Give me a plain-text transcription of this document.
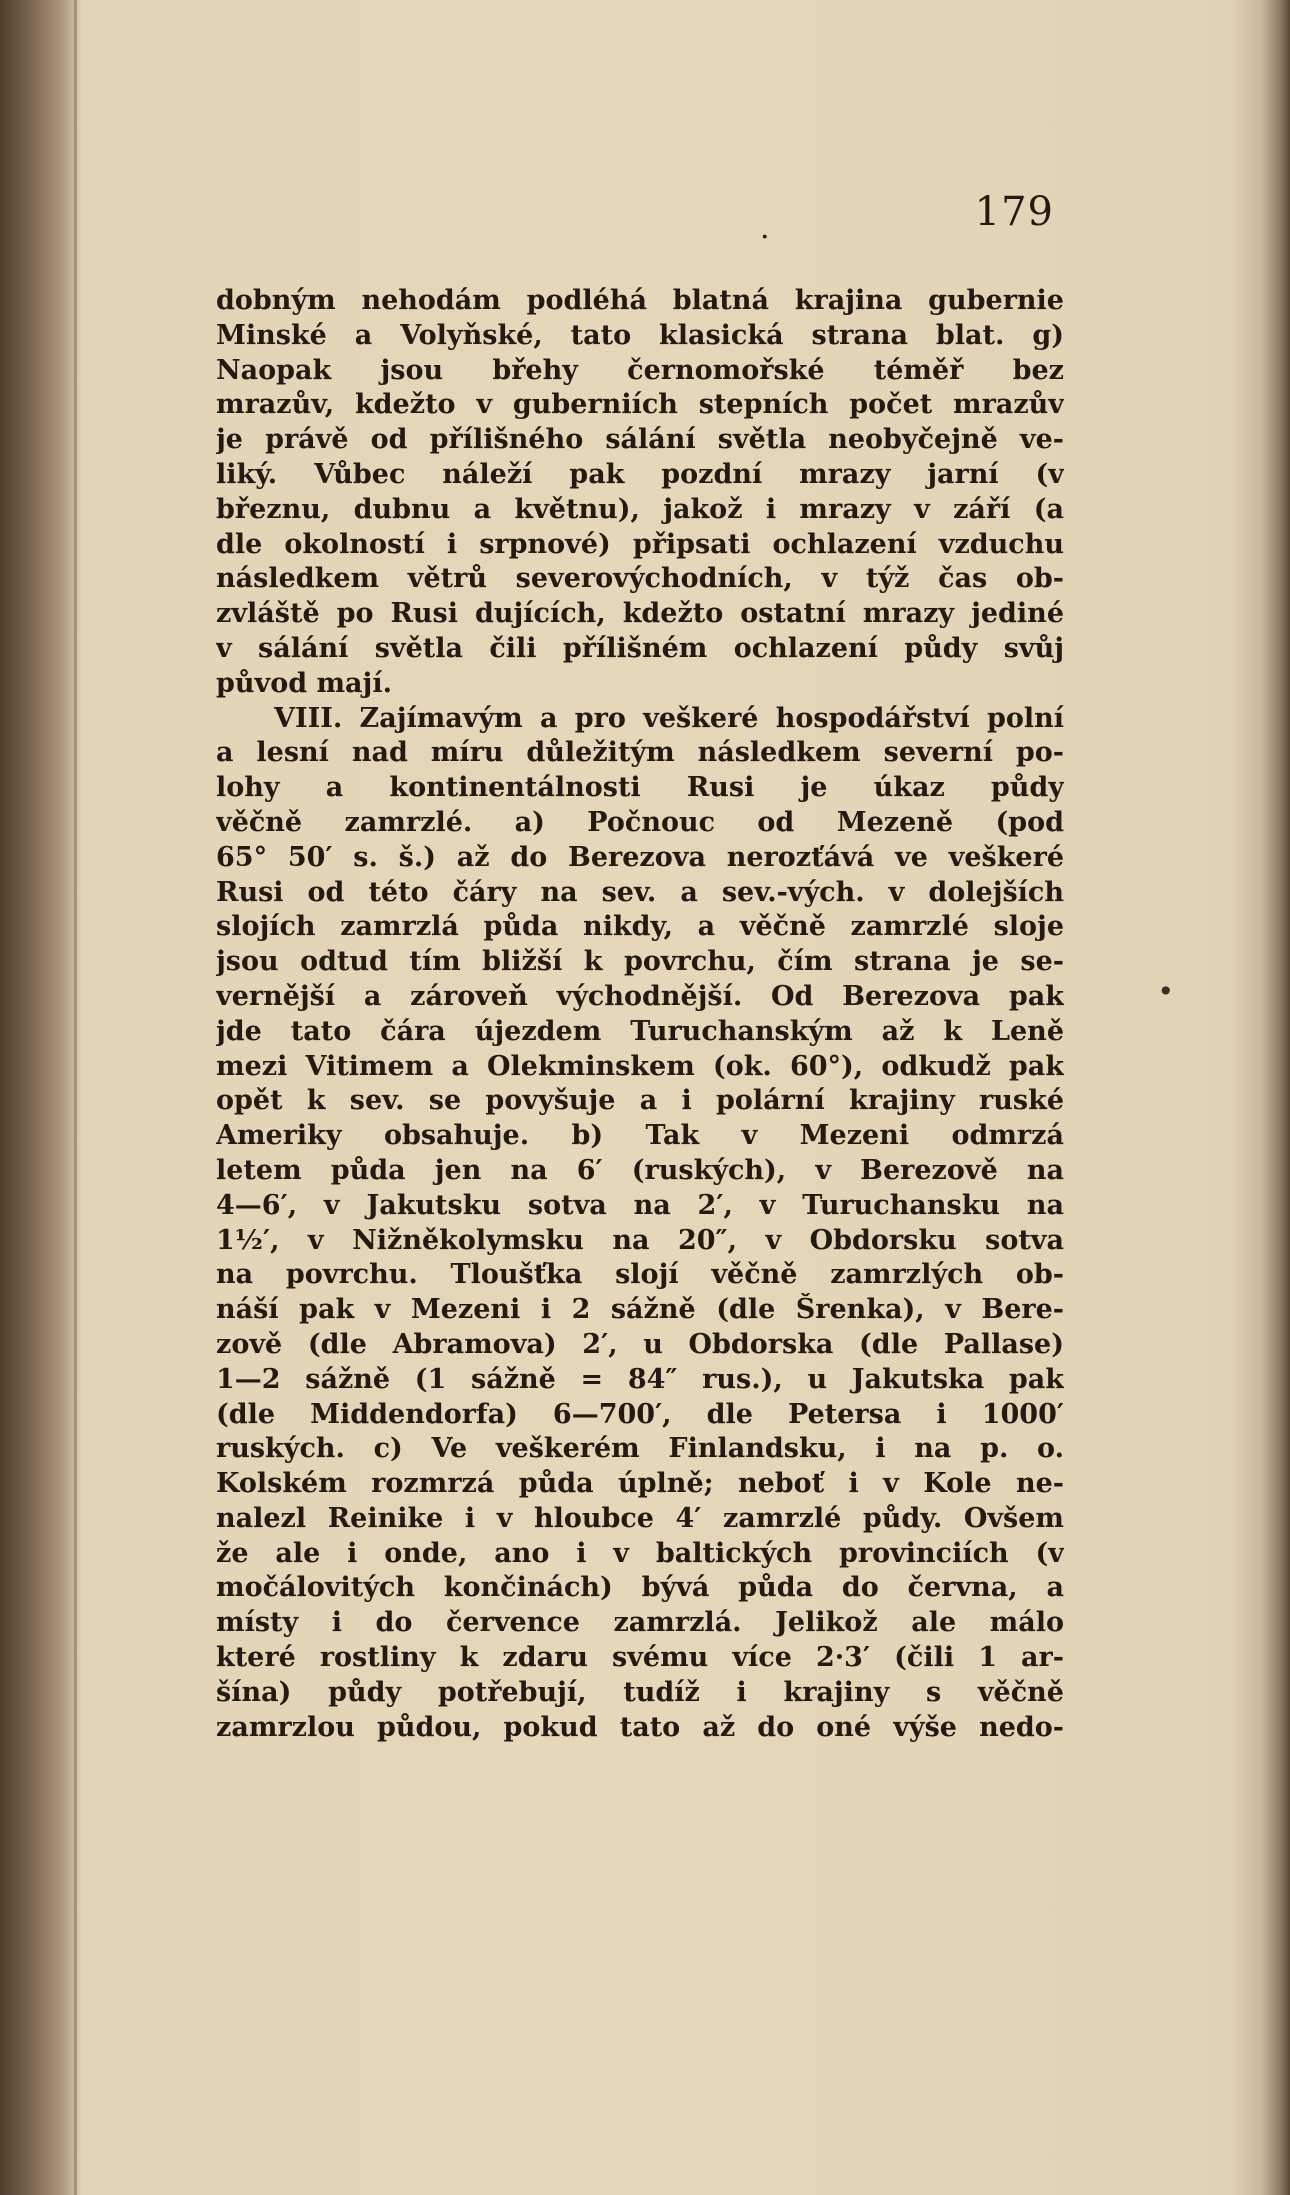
.	179
dobným nehodám podléhá blatná krajina gubernie
Minské a Volyňské, tato klasická strana blat. g)
Naopak jsou břehy černomořské téměř bez
mrazův, kdežto v guberniích stepních počet mrazův
je právě od přílišného sálání světla neobyčejně ve-
liký. Vůbec náleží pak pozdní mrazy jarní (v
březnu, dubnu a květnu), jakož i mrazy v září (a
dle okolností i srpnové) připsati ochlazení vzduchu
následkem větrů severovýchodních, v týž čas ob-
zvláště po Rusi dujících, kdežto ostatní mrazy jediné
v sálání světla čili přílišném ochlazení půdy svůj
původ mají.
VIII. Zajímavým a pro veškeré hospodářství polní
a lesní nad míru důležitým následkem severní po-
lohy a kontinentálnosti Rusi je úkaz půdy
věčně zamrzlé. a) Počnouc od Mezeně (pod
65° 50′ s. š.) až do Berezova nerozťává ve veškeré
Rusi od této čáry na sev. a sev.-vých. v dolejších
slojích zamrzlá půda nikdy, a věčně zamrzlé sloje
jsou odtud tím bližší k povrchu, čím strana je se-
vernější a zároveň východnější. Od Berezova pak
jde tato čára újezdem Turuchanským až k Leně
mezi Vitimem a Olekminskem (ok. 60°), odkudž pak
opět k sev. se povyšuje a i polární krajiny ruské
Ameriky obsahuje. b) Tak v Mezeni odmrzá
letem půda jen na 6′ (ruských), v Berezově na
4—6′, v Jakutsku sotva na 2′, v Turuchansku na
1½′, v Nižněkolymsku na 20″, v Obdorsku sotva
na povrchu. Tloušťka slojí věčně zamrzlých ob-
náší pak v Mezeni i 2 sážně (dle Šrenka), v Bere-
zově (dle Abramova) 2′, u Obdorska (dle Pallase)
1—2 sážně (1 sážně = 84″ rus.), u Jakutska pak
(dle Middendorfa) 6—700′, dle Petersa i 1000′
ruských. c) Ve veškerém Finlandsku, i na p. o.
Kolském rozmrzá půda úplně; neboť i v Kole ne-
nalezl Reinike i v hloubce 4′ zamrzlé půdy. Ovšem
že ale i onde, ano i v baltických provinciích (v
močálovitých končinách) bývá půda do června, a
místy i do července zamrzlá. Jelikož ale málo
které rostliny k zdaru svému více 2·3′ (čili 1 ar-
šína) půdy potřebují, tudíž i krajiny s věčně
zamrzlou půdou, pokud tato až do oné výše nedo-
•
